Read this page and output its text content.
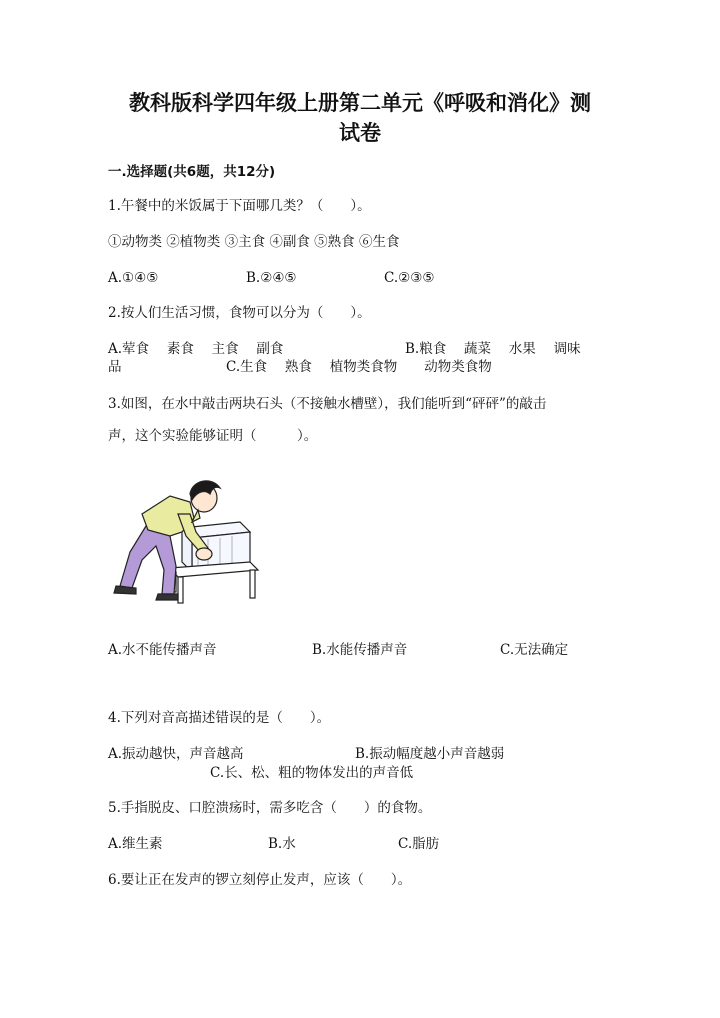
教科版科学四年级上册第二单元《呼吸和消化》测
试卷
一.选择题(共6题，共12分)
1.午餐中的米饭属于下面哪几类？（　　）。
①动物类 ②植物类 ③主食 ④副食 ⑤熟食 ⑥生食
A.①④⑤	B.②④⑤	C.②③⑤
2.按人们生活习惯，食物可以分为（　　）。
A.荤食　 素食　 主食　 副食	B.粮食　 蔬菜　 水果　 调味
品	C.生食　 熟食　 植物类食物　　动物类食物
3.如图，在水中敲击两块石头（不接触水槽壁），我们能听到“砰砰”的敲击
声，这个实验能够证明（　　　）。
A.水不能传播声音	B.水能传播声音	C.无法确定
4.下列对音高描述错误的是（　　）。
A.振动越快，声音越高	B.振动幅度越小声音越弱
C.长、松、粗的物体发出的声音低
5.手指脱皮、口腔溃疡时，需多吃含（　　）的食物。
A.维生素	B.水	C.脂肪
6.要让正在发声的锣立刻停止发声，应该（　　）。
